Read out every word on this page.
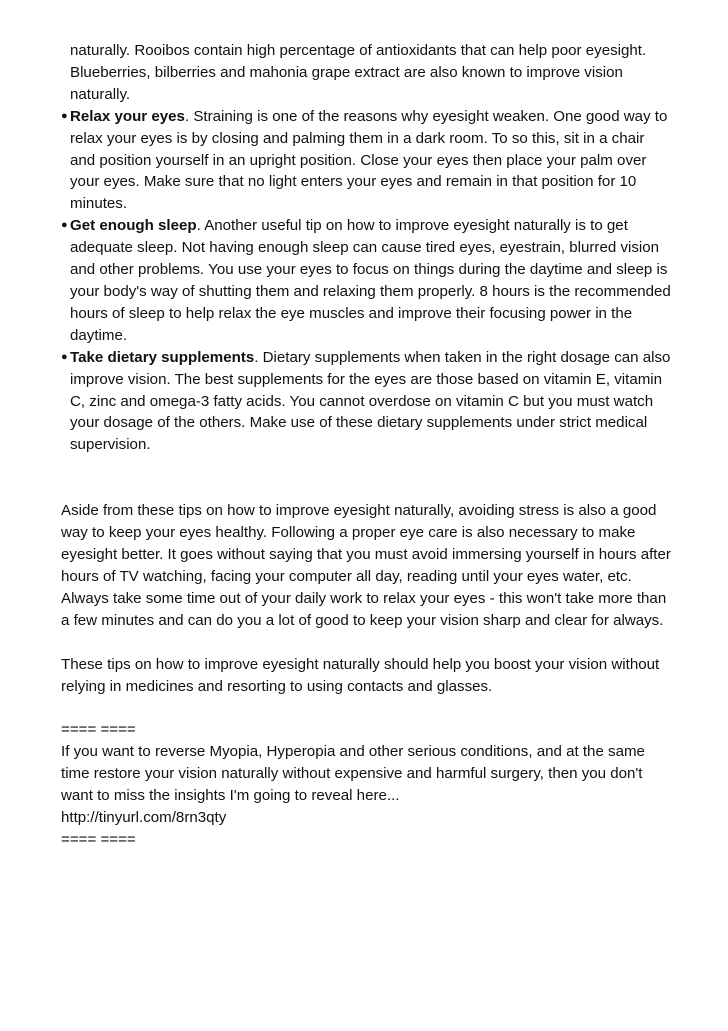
naturally. Rooibos contain high percentage of antioxidants that can help poor eyesight. Blueberries, bilberries and mahonia grape extract are also known to improve vision naturally.
● Relax your eyes. Straining is one of the reasons why eyesight weaken. One good way to relax your eyes is by closing and palming them in a dark room. To so this, sit in a chair and position yourself in an upright position. Close your eyes then place your palm over your eyes. Make sure that no light enters your eyes and remain in that position for 10 minutes.
● Get enough sleep. Another useful tip on how to improve eyesight naturally is to get adequate sleep. Not having enough sleep can cause tired eyes, eyestrain, blurred vision and other problems. You use your eyes to focus on things during the daytime and sleep is your body's way of shutting them and relaxing them properly. 8 hours is the recommended hours of sleep to help relax the eye muscles and improve their focusing power in the daytime.
● Take dietary supplements. Dietary supplements when taken in the right dosage can also improve vision. The best supplements for the eyes are those based on vitamin E, vitamin C, zinc and omega-3 fatty acids. You cannot overdose on vitamin C but you must watch your dosage of the others. Make use of these dietary supplements under strict medical supervision.

Aside from these tips on how to improve eyesight naturally, avoiding stress is also a good way to keep your eyes healthy. Following a proper eye care is also necessary to make eyesight better. It goes without saying that you must avoid immersing yourself in hours after hours of TV watching, facing your computer all day, reading until your eyes water, etc. Always take some time out of your daily work to relax your eyes - this won't take more than a few minutes and can do you a lot of good to keep your vision sharp and clear for always.

These tips on how to improve eyesight naturally should help you boost your vision without relying in medicines and resorting to using contacts and glasses.

==== ====
If you want to reverse Myopia, Hyperopia and other serious conditions, and at the same time restore your vision naturally without expensive and harmful surgery, then you don't want to miss the insights I'm going to reveal here...
http://tinyurl.com/8rn3qty
==== ====
